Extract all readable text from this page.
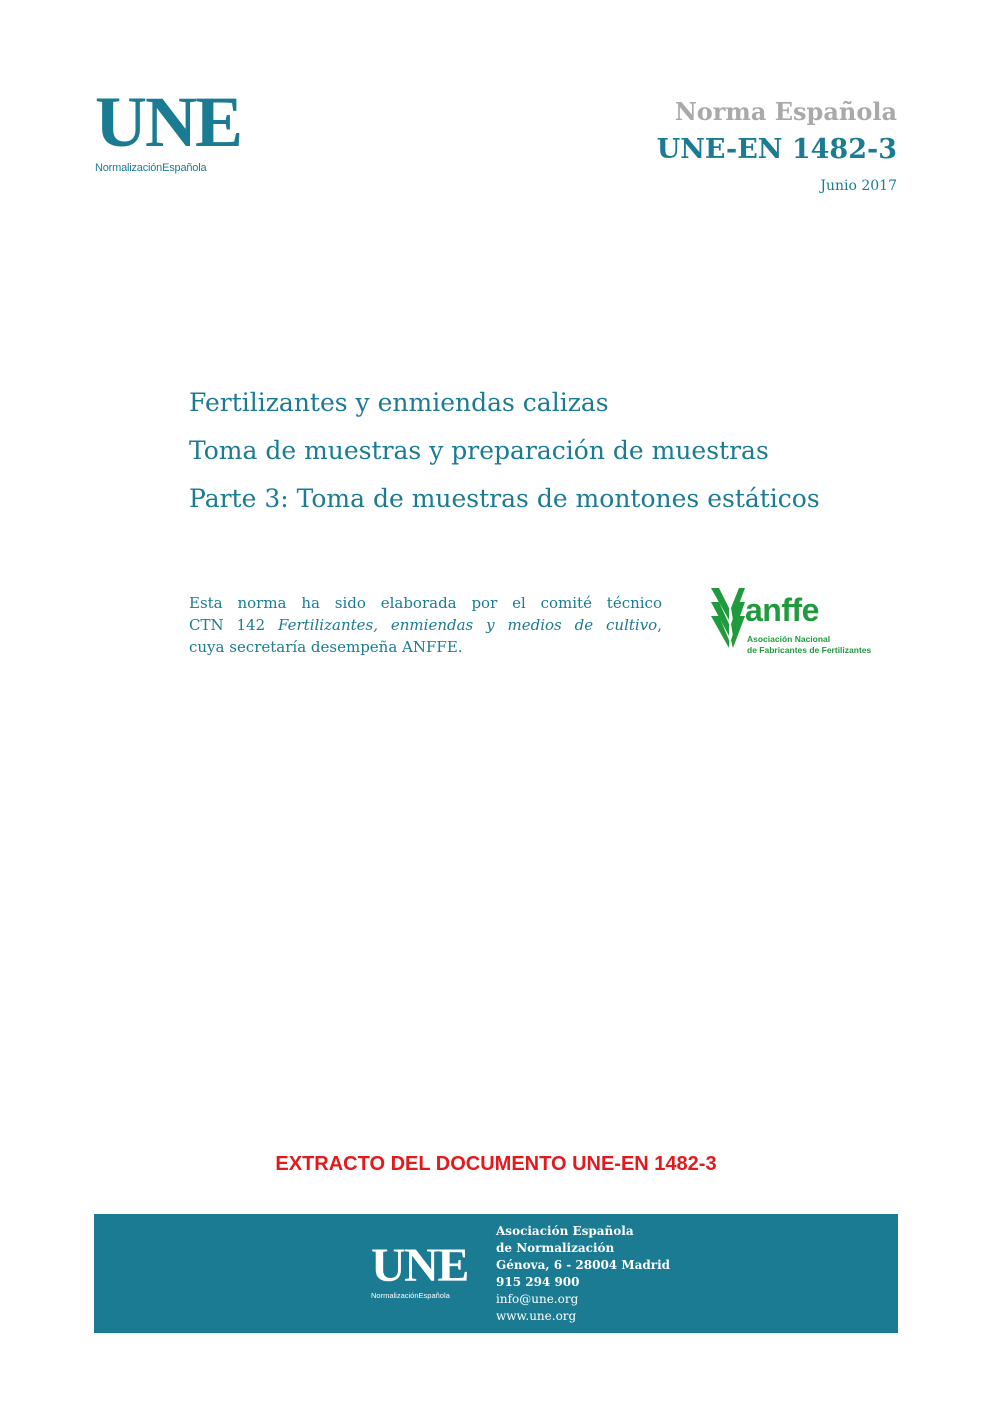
UNE
NormalizaciónEspañola
Norma Española
UNE-EN 1482-3
Junio 2017
Fertilizantes y enmiendas calizas
Toma de muestras y preparación de muestras
Parte 3: Toma de muestras de montones estáticos
Esta norma ha sido elaborada por el comité técnico
CTN 142 Fertilizantes, enmiendas y medios de cultivo,
cuya secretaría desempeña ANFFE.
anffe
Asociación Nacional
de Fabricantes de Fertilizantes
EXTRACTO DEL DOCUMENTO UNE-EN 1482-3
UNE
NormalizaciónEspañola
Asociación Española
de Normalización
Génova, 6 - 28004 Madrid
915 294 900
info@une.org
www.une.org
